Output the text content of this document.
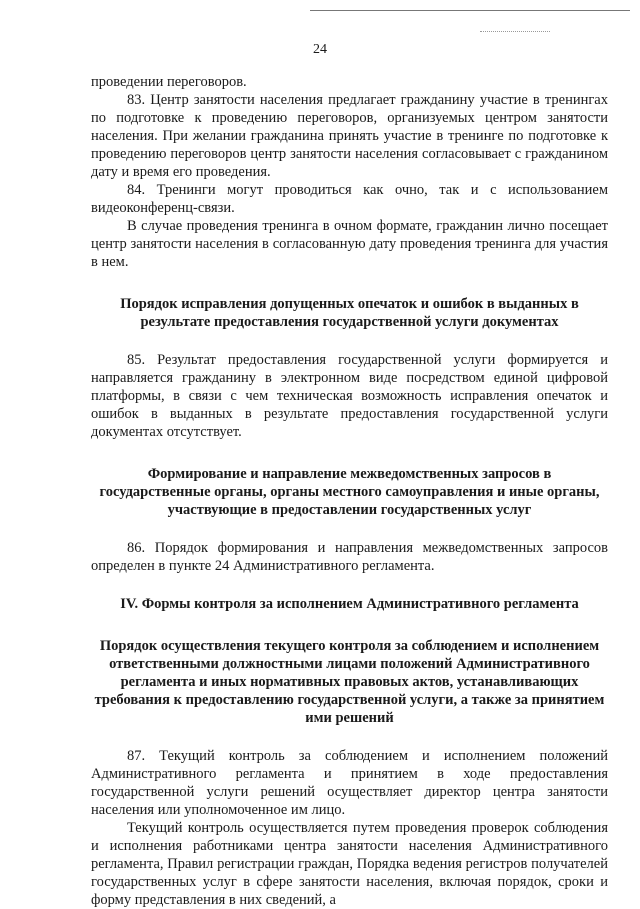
24

проведении переговоров.

83. Центр занятости населения предлагает гражданину участие в тренингах по подготовке к проведению переговоров, организуемых центром занятости населения. При желании гражданина принять участие в тренинге по подготовке к проведению переговоров центр занятости населения согласовывает с гражданином дату и время его проведения.

84. Тренинги могут проводиться как очно, так и с использованием видеоконференц-связи.

В случае проведения тренинга в очном формате, гражданин лично посещает центр занятости населения в согласованную дату проведения тренинга для участия в нем.

Порядок исправления допущенных опечаток и ошибок в выданных в результате предоставления государственной услуги документах

85. Результат предоставления государственной услуги формируется и направляется гражданину в электронном виде посредством единой цифровой платформы, в связи с чем техническая возможность исправления опечаток и ошибок в выданных в результате предоставления государственной услуги документах отсутствует.

Формирование и направление межведомственных запросов в государственные органы, органы местного самоуправления и иные органы, участвующие в предоставлении государственных услуг

86. Порядок формирования и направления межведомственных запросов определен в пункте 24 Административного регламента.

IV. Формы контроля за исполнением Административного регламента

Порядок осуществления текущего контроля за соблюдением и исполнением ответственными должностными лицами положений Административного регламента и иных нормативных правовых актов, устанавливающих требования к предоставлению государственной услуги, а также за принятием ими решений

87. Текущий контроль за соблюдением и исполнением положений Административного регламента и принятием в ходе предоставления государственной услуги решений осуществляет директор центра занятости населения или уполномоченное им лицо.

Текущий контроль осуществляется путем проведения проверок соблюдения и исполнения работниками центра занятости населения Административного регламента, Правил регистрации граждан, Порядка ведения регистров получателей государственных услуг в сфере занятости населения, включая порядок, сроки и форму представления в них сведений, а
